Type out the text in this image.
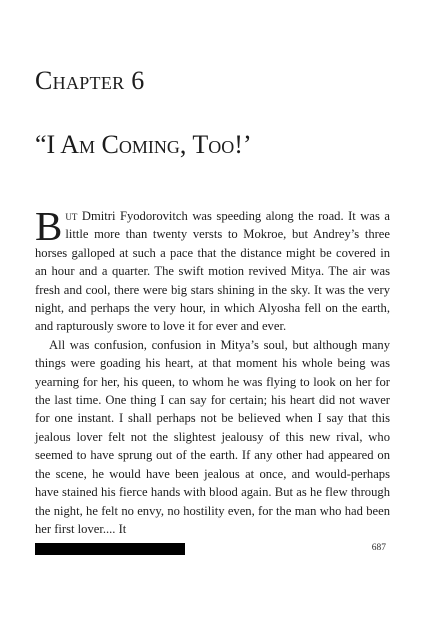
Chapter 6
“I Am Coming, Too!’

But Dmitri Fyodorovitch was speeding along the road. It was a little more than twenty versts to Mokroe, but Andrey’s three horses galloped at such a pace that the distance might be covered in an hour and a quarter. The swift motion revived Mitya. The air was fresh and cool, there were big stars shining in the sky. It was the very night, and perhaps the very hour, in which Alyosha fell on the earth, and rapturously swore to love it for ever and ever.

All was confusion, confusion in Mitya’s soul, but although many things were goading his heart, at that moment his whole being was yearning for her, his queen, to whom he was flying to look on her for the last time. One thing I can say for certain; his heart did not waver for one instant. I shall perhaps not be believed when I say that this jealous lover felt not the slightest jealousy of this new rival, who seemed to have sprung out of the earth. If any other had appeared on the scene, he would have been jealous at once, and would-perhaps have stained his fierce hands with blood again. But as he flew through the night, he felt no envy, no hostility even, for the man who had been her first lover.... It

687
